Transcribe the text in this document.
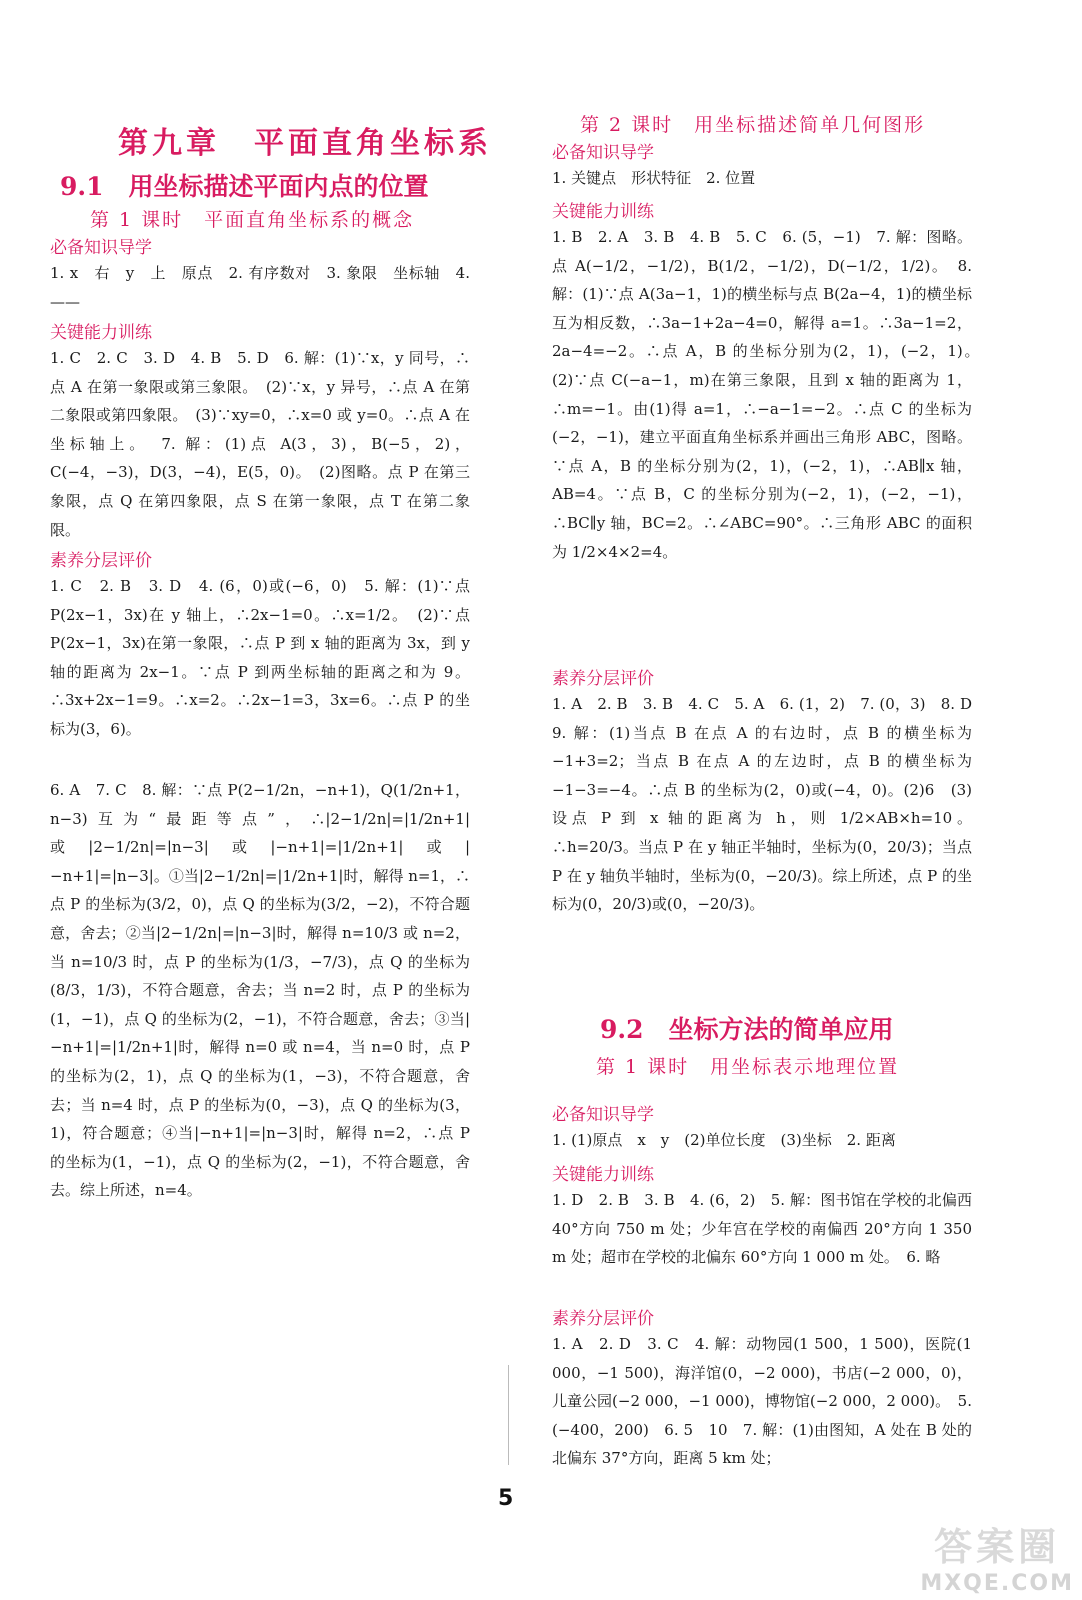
第九章　平面直角坐标系
9.1　用坐标描述平面内点的位置
第 1 课时　平面直角坐标系的概念
必备知识导学
1. x　右　y　上　原点　2. 有序数对　3. 象限　坐标轴　4. ——
关键能力训练
1. C　2. C　3. D　4. B　5. D　6. 解：(1)∵x，y 同号，∴点 A 在第一象限或第三象限。　(2)∵x，y 异号，∴点 A 在第二象限或第四象限。　(3)∵xy=0，∴x=0 或 y=0。∴点 A 在坐标轴上。　7. 解：(1)点 A(3，3)，B(−5，2)，C(−4，−3)，D(3，−4)，E(5，0)。　(2)图略。点 P 在第三象限，点 Q 在第四象限，点 S 在第一象限，点 T 在第二象限。
素养分层评价
1. C　2. B　3. D　4. (6，0)或(−6，0)　5. 解：(1)∵点 P(2x−1，3x)在 y 轴上，∴2x−1=0。∴x=1/2。　(2)∵点 P(2x−1，3x)在第一象限，∴点 P 到 x 轴的距离为 3x，到 y 轴的距离为 2x−1。∵点 P 到两坐标轴的距离之和为 9。∴3x+2x−1=9。∴x=2。∴2x−1=3，3x=6。∴点 P 的坐标为(3，6)。
6. A　7. C　8. 解：∵点 P(2−1/2n，−n+1)，Q(1/2n+1，n−3)互为“最距等点”，∴|2−1/2n|=|1/2n+1|或|2−1/2n|=|n−3|或|−n+1|=|1/2n+1|或|−n+1|=|n−3|。①当|2−1/2n|=|1/2n+1|时，解得 n=1，∴点 P 的坐标为(3/2，0)，点 Q 的坐标为(3/2，−2)，不符合题意，舍去；②当|2−1/2n|=|n−3|时，解得 n=10/3 或 n=2，当 n=10/3 时，点 P 的坐标为(1/3，−7/3)，点 Q 的坐标为(8/3，1/3)，不符合题意，舍去；当 n=2 时，点 P 的坐标为(1，−1)，点 Q 的坐标为(2，−1)，不符合题意，舍去；③当|−n+1|=|1/2n+1|时，解得 n=0 或 n=4，当 n=0 时，点 P 的坐标为(2，1)，点 Q 的坐标为(1，−3)，不符合题意，舍去；当 n=4 时，点 P 的坐标为(0，−3)，点 Q 的坐标为(3，1)，符合题意；④当|−n+1|=|n−3|时，解得 n=2，∴点 P 的坐标为(1，−1)，点 Q 的坐标为(2，−1)，不符合题意，舍去。综上所述，n=4。
第 2 课时　用坐标描述简单几何图形
必备知识导学
1. 关键点　形状特征　2. 位置
关键能力训练
1. B　2. A　3. B　4. B　5. C　6. (5，−1)　7. 解：图略。点 A(−1/2，−1/2)，B(1/2，−1/2)，D(−1/2，1/2)。　8. 解：(1)∵点 A(3a−1，1)的横坐标与点 B(2a−4，1)的横坐标互为相反数，∴3a−1+2a−4=0，解得 a=1。∴3a−1=2，2a−4=−2。∴点 A，B 的坐标分别为(2，1)，(−2，1)。　(2)∵点 C(−a−1，m)在第三象限，且到 x 轴的距离为 1，∴m=−1。由(1)得 a=1，∴−a−1=−2。∴点 C 的坐标为(−2，−1)，建立平面直角坐标系并画出三角形 ABC，图略。∵点 A，B 的坐标分别为(2，1)，(−2，1)，∴AB∥x 轴，AB=4。∵点 B，C 的坐标分别为(−2，1)，(−2，−1)，∴BC∥y 轴，BC=2。∴∠ABC=90°。∴三角形 ABC 的面积为 1/2×4×2=4。
素养分层评价
1. A　2. B　3. B　4. C　5. A　6. (1，2)　7. (0，3)　8. D　9. 解：(1)当点 B 在点 A 的右边时，点 B 的横坐标为−1+3=2；当点 B 在点 A 的左边时，点 B 的横坐标为−1−3=−4。∴点 B 的坐标为(2，0)或(−4，0)。(2)6　(3)设点 P 到 x 轴的距离为 h，则 1/2×AB×h=10。∴h=20/3。当点 P 在 y 轴正半轴时，坐标为(0，20/3)；当点 P 在 y 轴负半轴时，坐标为(0，−20/3)。综上所述，点 P 的坐标为(0，20/3)或(0，−20/3)。
9.2　坐标方法的简单应用
第 1 课时　用坐标表示地理位置
必备知识导学
1. (1)原点　x　y　(2)单位长度　(3)坐标　2. 距离
关键能力训练
1. D　2. B　3. B　4. (6，2)　5. 解：图书馆在学校的北偏西 40°方向 750 m 处；少年宫在学校的南偏西 20°方向 1 350 m 处；超市在学校的北偏东 60°方向 1 000 m 处。　6. 略
素养分层评价
1. A　2. D　3. C　4. 解：动物园(1 500，1 500)，医院(1 000，−1 500)，海洋馆(0，−2 000)，书店(−2 000，0)，儿童公园(−2 000，−1 000)，博物馆(−2 000，2 000)。　5. (−400，200)　6. 5　10　7. 解：(1)由图知，A 处在 B 处的北偏东 37°方向，距离 5 km 处；
5
答案圈
MXQE.COM
